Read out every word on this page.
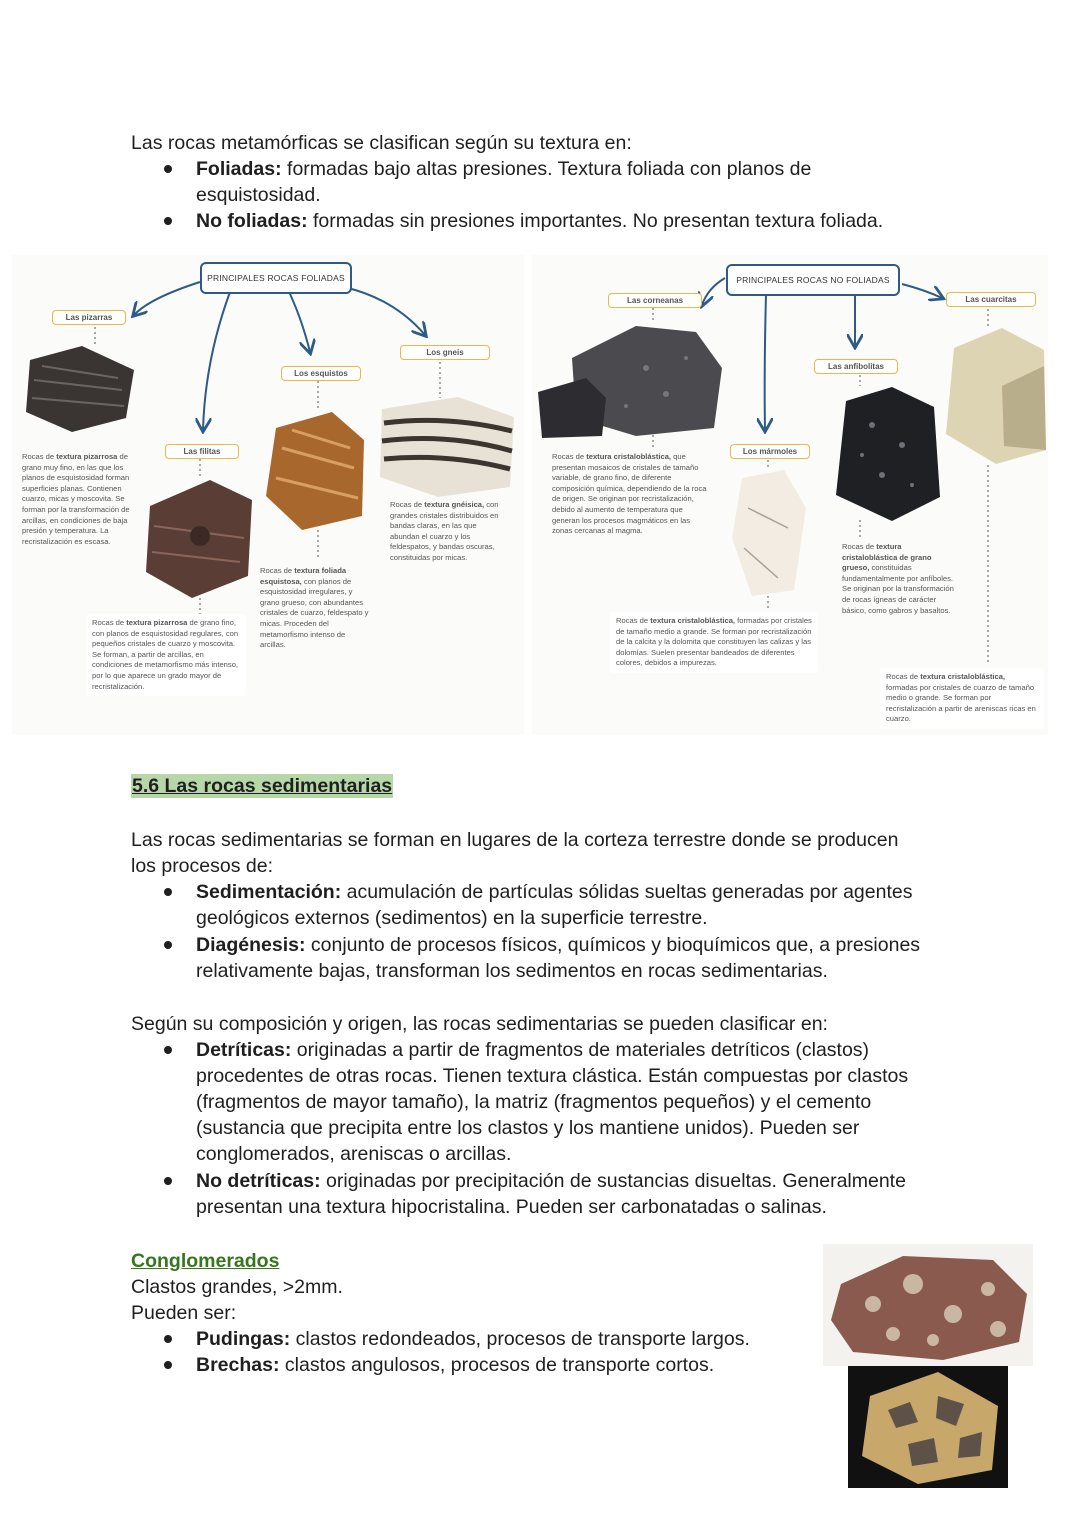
Las rocas metamórficas se clasifican según su textura en:
Foliadas: formadas bajo altas presiones. Textura foliada con planos de
esquistosidad.
No foliadas: formadas sin presiones importantes. No presentan textura foliada.
PRINCIPALES ROCAS FOLIADAS	PRINCIPALES ROCAS NO FOLIADAS
Las pizarras
Las filitas
Los esquistos
Los gneis
Las corneanas
Los mármoles
Las anfibolitas
Las cuarcitas
Rocas de textura pizarrosa de grano muy fino, en las que los planos de esquistosidad forman superficies planas. Contienen cuarzo, micas y moscovita. Se forman por la transformación de arcillas, en condiciones de baja presión y temperatura. La recristalización es escasa.
Rocas de textura pizarrosa de grano fino, con planos de esquistosidad regulares, con pequeños cristales de cuarzo y moscovita. Se forman, a partir de arcillas, en condiciones de metamorfismo más intenso, por lo que aparece un grado mayor de recristalización.
Rocas de textura foliada esquistosa, con planos de esquistosidad irregulares, y grano grueso, con abundantes cristales de cuarzo, feldespato y micas. Proceden del metamorfismo intenso de arcillas.
Rocas de textura gnéisica, con grandes cristales distribuidos en bandas claras, en las que abundan el cuarzo y los feldespatos, y bandas oscuras, constituidas por micas.
Rocas de textura cristaloblástica, que presentan mosaicos de cristales de tamaño variable, de grano fino, de diferente composición química, dependiendo de la roca de origen. Se originan por recristalización, debido al aumento de temperatura que generan los procesos magmáticos en las zonas cercanas al magma.
Rocas de textura cristaloblástica, formadas por cristales de tamaño medio a grande. Se forman por recristalización de la calcita y la dolomita que constituyen las calizas y las dolomías. Suelen presentar bandeados de diferentes colores, debidos a impurezas.
Rocas de textura cristaloblástica de grano grueso, constituidas fundamentalmente por anfíboles. Se originan por la transformación de rocas ígneas de carácter básico, como gabros y basaltos.
Rocas de textura cristaloblástica, formadas por cristales de cuarzo de tamaño medio o grande. Se forman por recristalización a partir de areniscas ricas en cuarzo.
5.6 Las rocas sedimentarias
Las rocas sedimentarias se forman en lugares de la corteza terrestre donde se producen
los procesos de:
Sedimentación: acumulación de partículas sólidas sueltas generadas por agentes
geológicos externos (sedimentos) en la superficie terrestre.
Diagénesis: conjunto de procesos físicos, químicos y bioquímicos que, a presiones
relativamente bajas, transforman los sedimentos en rocas sedimentarias.
Según su composición y origen, las rocas sedimentarias se pueden clasificar en:
Detríticas: originadas a partir de fragmentos de materiales detríticos (clastos)
procedentes de otras rocas. Tienen textura clástica. Están compuestas por clastos
(fragmentos de mayor tamaño), la matriz (fragmentos pequeños) y el cemento
(sustancia que precipita entre los clastos y los mantiene unidos). Pueden ser
conglomerados, areniscas o arcillas.
No detríticas: originadas por precipitación de sustancias disueltas. Generalmente
presentan una textura hipocristalina. Pueden ser carbonatadas o salinas.
Conglomerados
Clastos grandes, >2mm.
Pueden ser:
Pudingas: clastos redondeados, procesos de transporte largos.
Brechas: clastos angulosos, procesos de transporte cortos.
